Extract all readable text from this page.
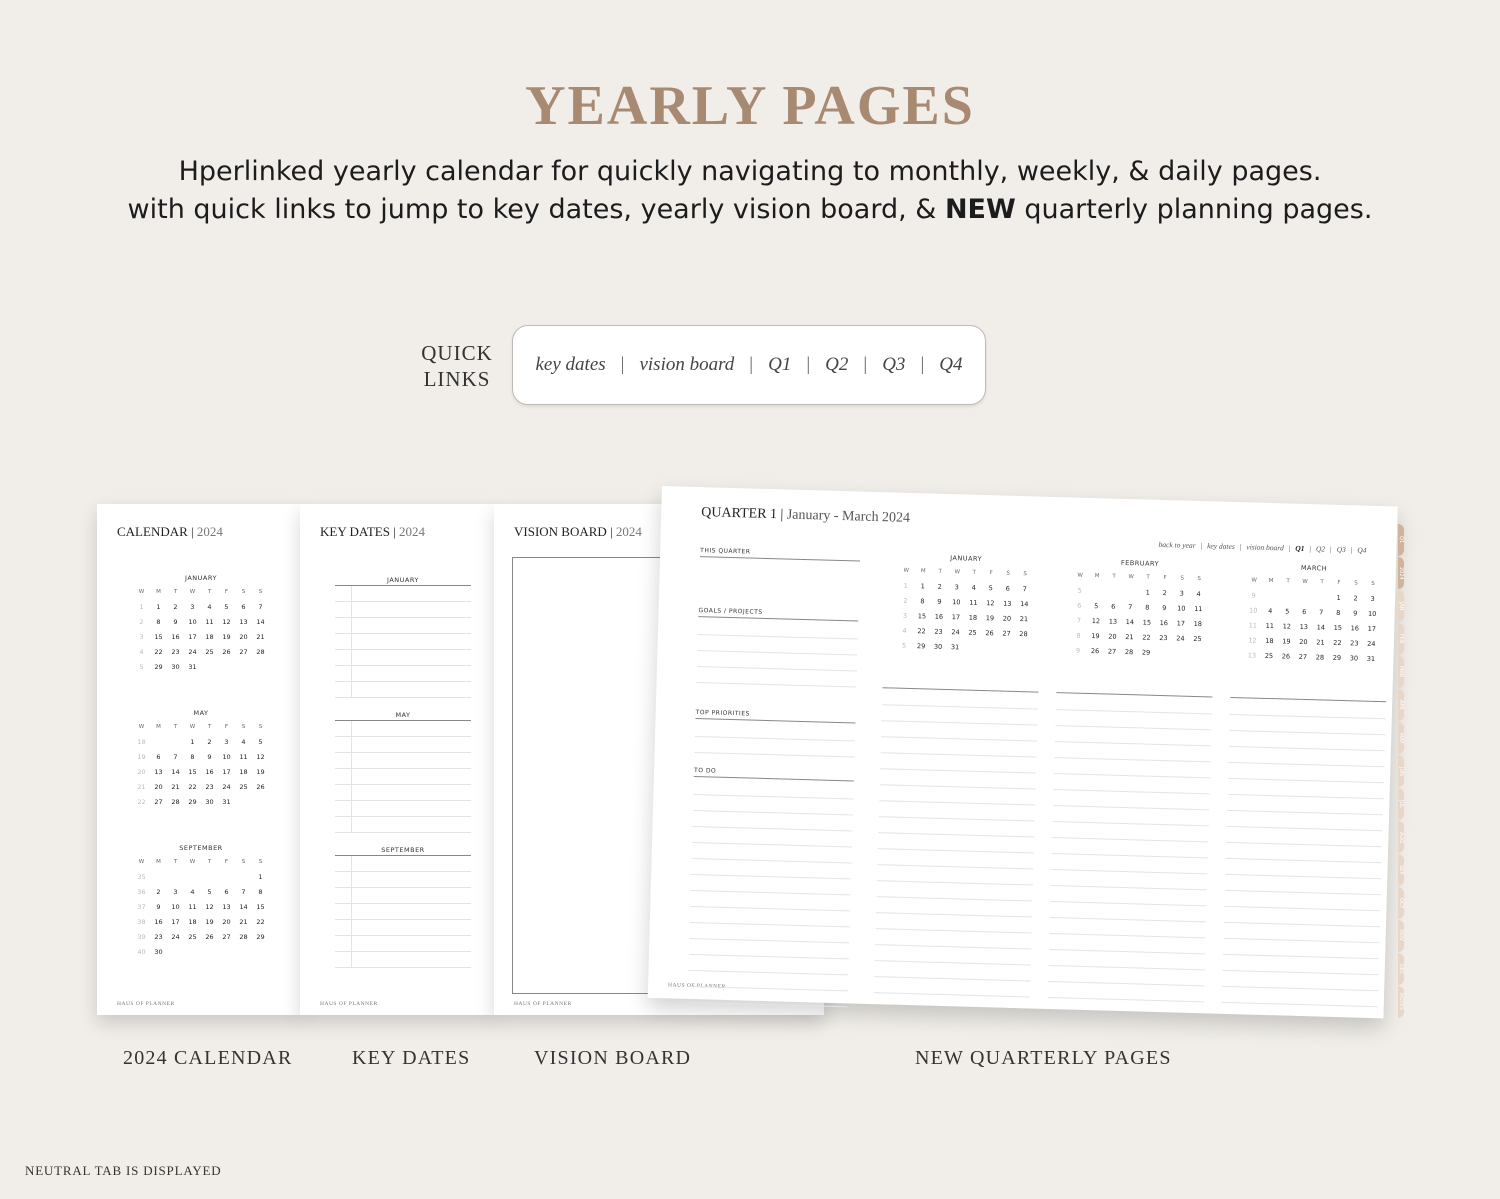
YEARLY PAGES
Hperlinked yearly calendar for quickly navigating to monthly, weekly, & daily pages.
with quick links to jump to key dates, yearly vision board, & NEW quarterly planning pages.
QUICK
LINKS
key dates | vision board | Q1 | Q2 | Q3 | Q4
CALENDAR | 2024
HAUS OF PLANNER
JANUARY
W	M	T	W	T	F	S	S
1	1	2	3	4	5	6	7
2	8	9	10	11	12	13	14
3	15	16	17	18	19	20	21
4	22	23	24	25	26	27	28
5	29	30	31				
MAY
W	M	T	W	T	F	S	S
18			1	2	3	4	5
19	6	7	8	9	10	11	12
20	13	14	15	16	17	18	19
21	20	21	22	23	24	25	26
22	27	28	29	30	31		
SEPTEMBER
W	M	T	W	T	F	S	S
35							1
36	2	3	4	5	6	7	8
37	9	10	11	12	13	14	15
38	16	17	18	19	20	21	22
39	23	24	25	26	27	28	29
40	30						
KEY DATES | 2024
HAUS OF PLANNER
JANUARY
MAY
SEPTEMBER
VISION BOARD | 2024
HAUS OF PLANNER
QUARTER 1 | January - March 2024
back to year | key dates | vision board | Q1 | Q2 | Q3 | Q4
HAUS OF PLANNER
THIS QUARTER
GOALS / PROJECTS
TOP PRIORITIES
TO DO
JANUARY
W	M	T	W	T	F	S	S
1	1	2	3	4	5	6	7
2	8	9	10	11	12	13	14
3	15	16	17	18	19	20	21
4	22	23	24	25	26	27	28
5	29	30	31				
FEBRUARY
W	M	T	W	T	F	S	S
5				1	2	3	4
6	5	6	7	8	9	10	11
7	12	13	14	15	16	17	18
8	19	20	21	22	23	24	25
9	26	27	28	29			
MARCH
W	M	T	W	T	F	S	S
9					1	2	3
10	4	5	6	7	8	9	10
11	11	12	13	14	15	16	17
12	18	19	20	21	22	23	24
13	25	26	27	28	29	30	31
Q1
2024
JAN
FEB
MAR
APR
MAY
JUN
JUL
AUG
SEP
OCT
NOV
DEC
NOTES
2024 CALENDAR	KEY DATES	VISION BOARD	NEW QUARTERLY PAGES
NEUTRAL TAB IS DISPLAYED
